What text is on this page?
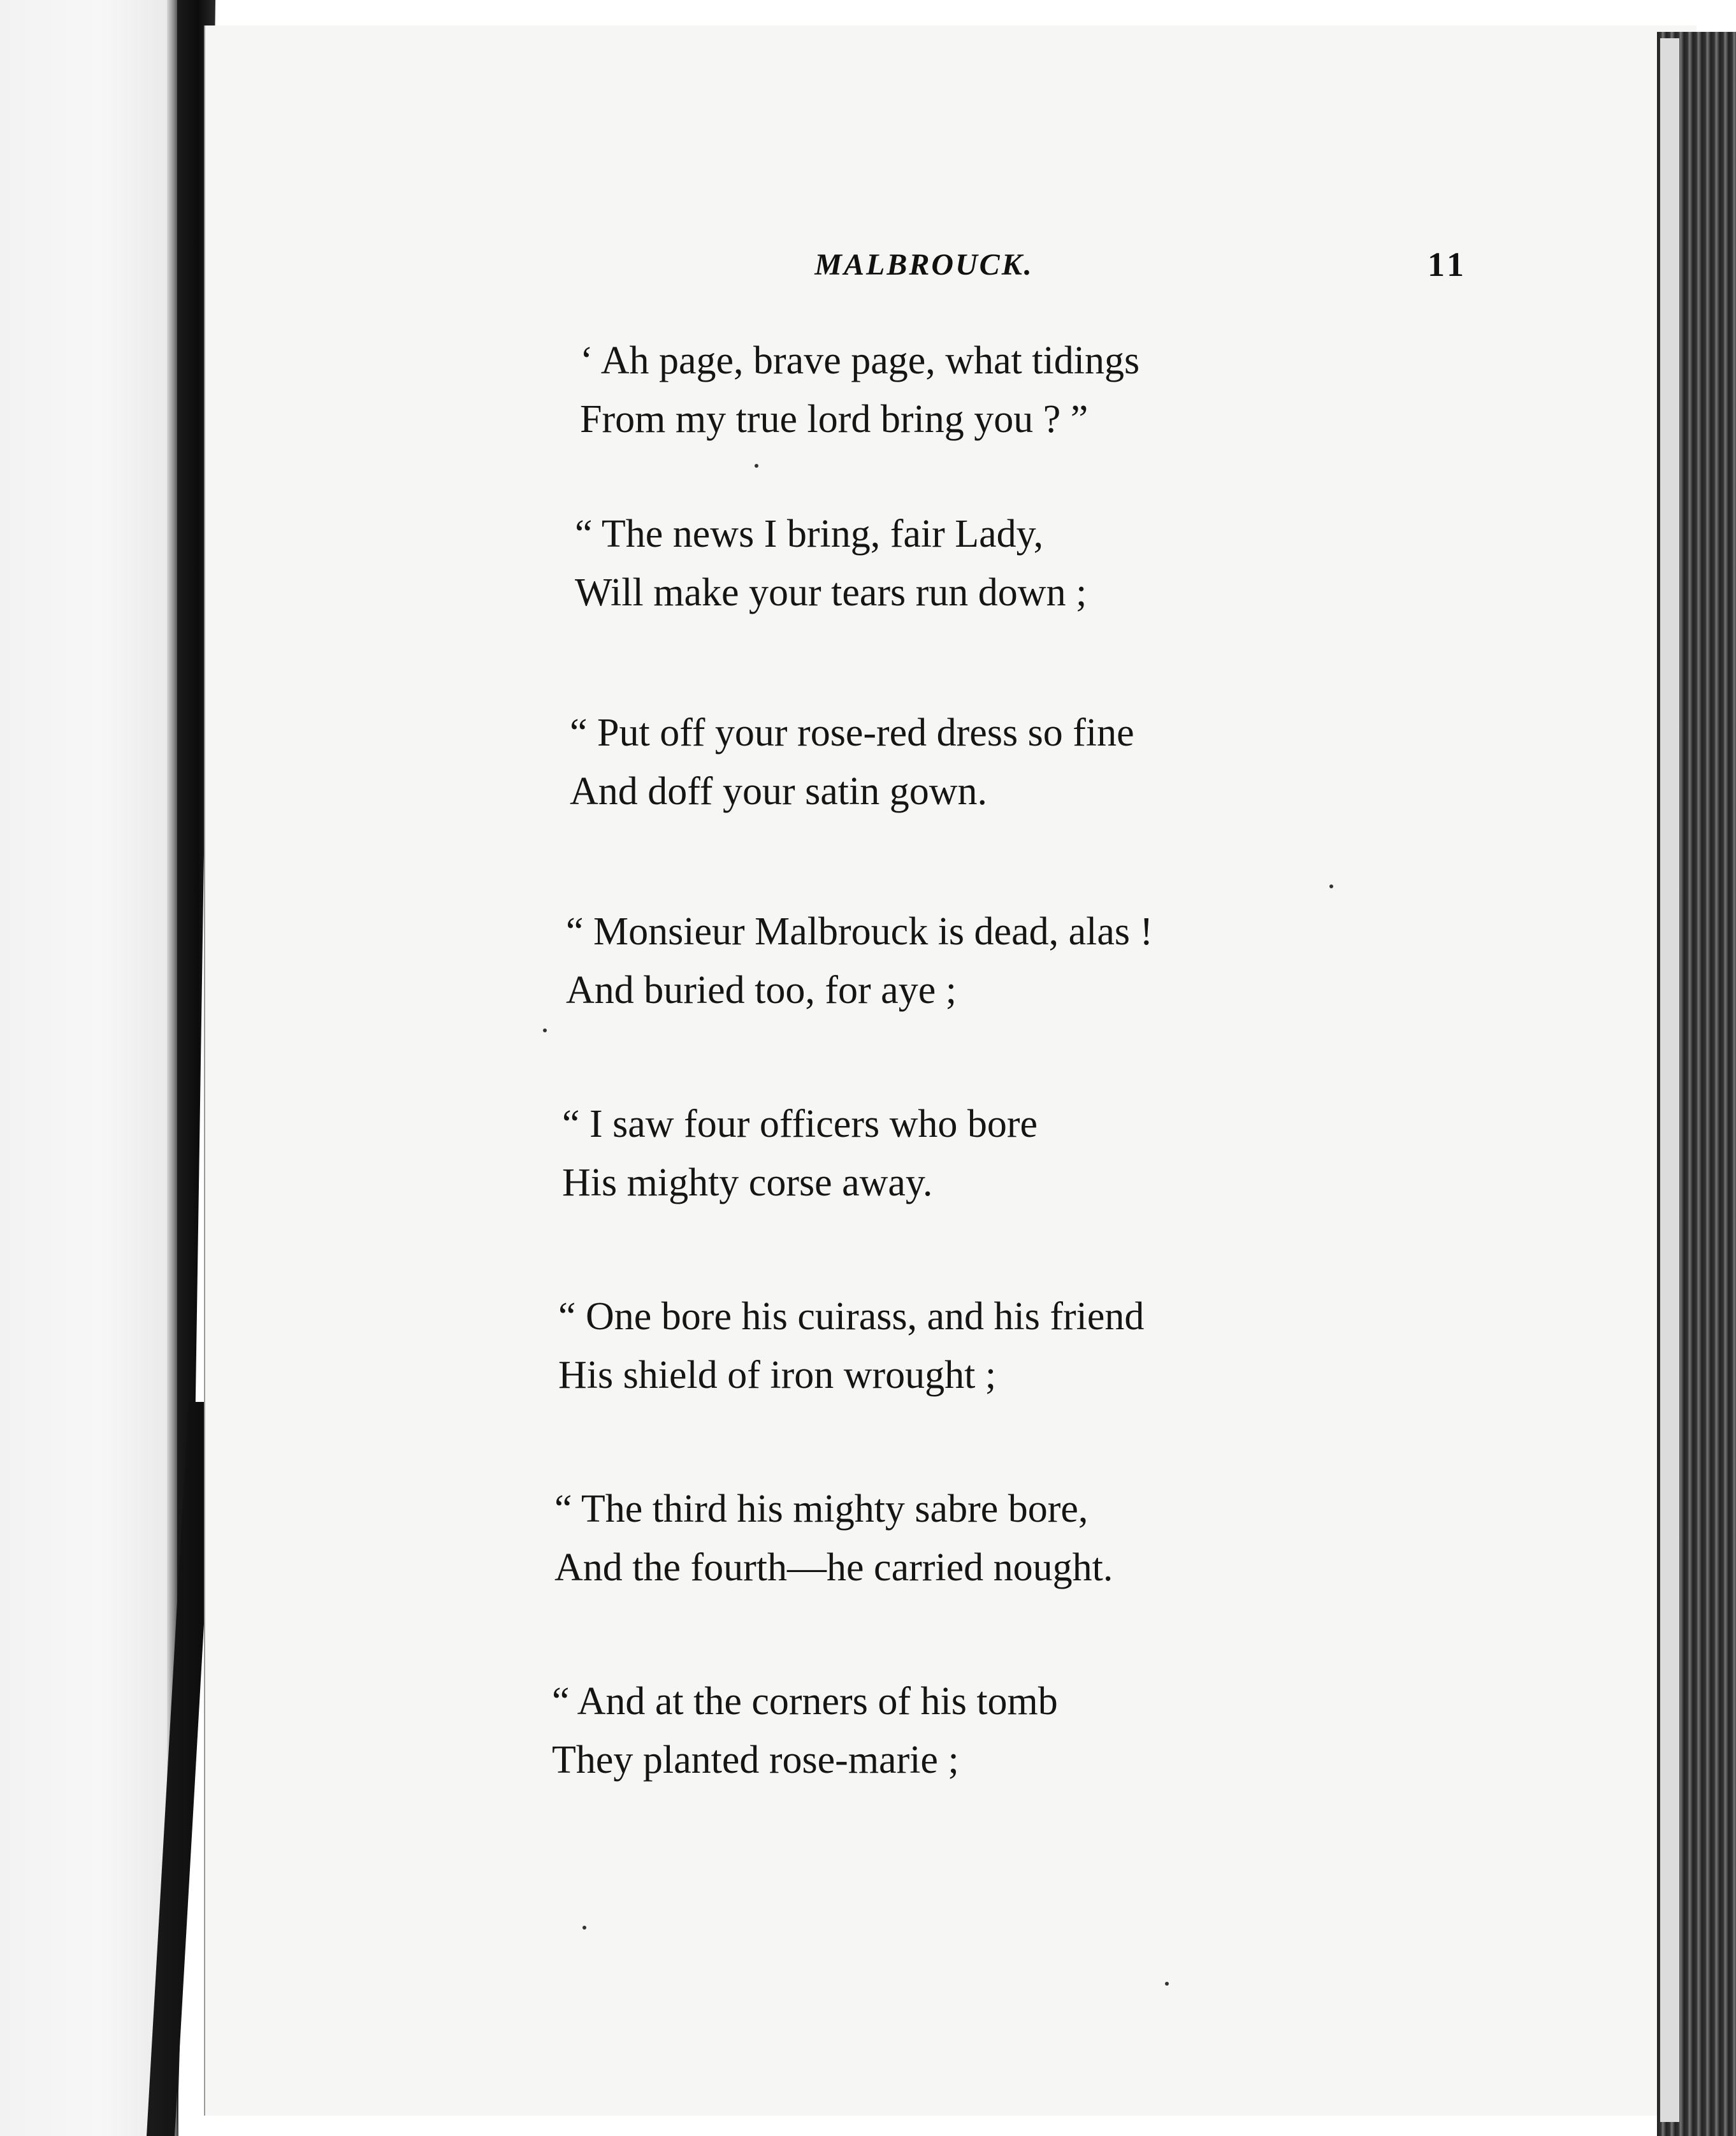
MALBROUCK.	11
‘ Ah page, brave page, what tidings
From my true lord bring you ? ”
“ The news I bring, fair Lady,
Will make your tears run down ;
“ Put off your rose-red dress so fine
And doff your satin gown.
“ Monsieur Malbrouck is dead, alas !
And buried too, for aye ;
“ I saw four officers who bore
His mighty corse away.
“ One bore his cuirass, and his friend
His shield of iron wrought ;
“ The third his mighty sabre bore,
And the fourth—he carried nought.
“ And at the corners of his tomb
They planted rose-marie ;
